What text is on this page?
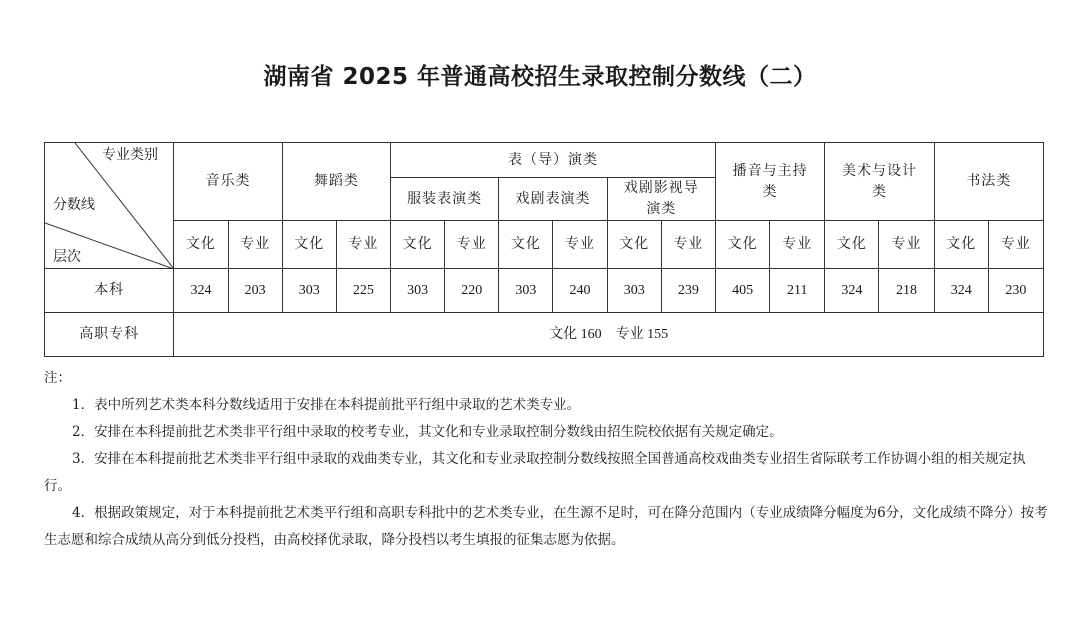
湖南省 2025 年普通高校招生录取控制分数线（二）
专业类别
分数线
层次	音乐类		舞蹈类		表（导）演类						播音与主持类		美术与设计类		书法类	
					服装表演类		戏剧表演类		戏剧影视导演类							
	文化	专业	文化	专业	文化	专业	文化	专业	文化	专业	文化	专业	文化	专业	文化	专业
本科	324	203	303	225	303	220	303	240	303	239	405	211	324	218	324	230
高职专科	文化 160　专业 155															

注：

1．表中所列艺术类本科分数线适用于安排在本科提前批平行组中录取的艺术类专业。

2．安排在本科提前批艺术类非平行组中录取的校考专业，其文化和专业录取控制分数线由招生院校依据有关规定确定。

3．安排在本科提前批艺术类非平行组中录取的戏曲类专业，其文化和专业录取控制分数线按照全国普通高校戏曲类专业招生省际联考工作协调小组的相关规定执行。

4．根据政策规定，对于本科提前批艺术类平行组和高职专科批中的艺术类专业，在生源不足时，可在降分范围内（专业成绩降分幅度为6分，文化成绩不降分）按考生志愿和综合成绩从高分到低分投档，由高校择优录取，降分投档以考生填报的征集志愿为依据。
